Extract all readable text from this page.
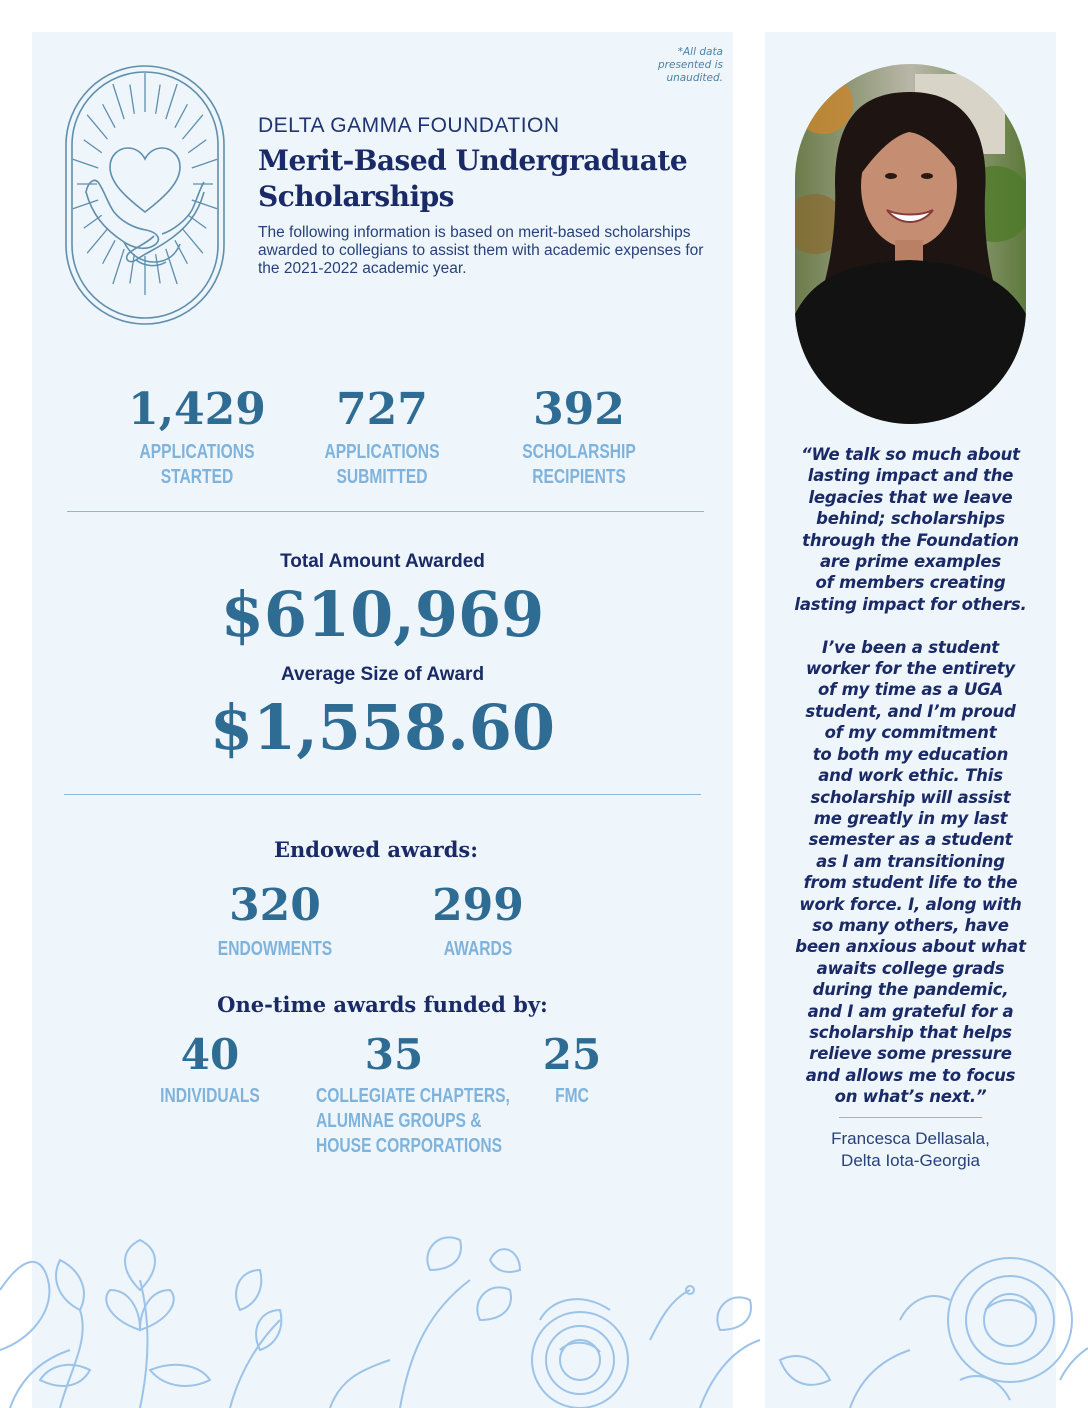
*All data
presented is
unaudited.
DELTA GAMMA FOUNDATION
Merit-Based Undergraduate
Scholarships
The following information is based on merit-based scholarships awarded to collegians to assist them with academic expenses for the 2021-2022 academic year.
1,429
APPLICATIONS
STARTED
727
APPLICATIONS
SUBMITTED
392
SCHOLARSHIP
RECIPIENTS
Total Amount Awarded
$610,969
Average Size of Award
$1,558.60
Endowed awards:
320
ENDOWMENTS
299
AWARDS
One-time awards funded by:
40
INDIVIDUALS
35
COLLEGIATE CHAPTERS,
ALUMNAE GROUPS &
HOUSE CORPORATIONS
25
FMC
“We talk so much about
lasting impact and the
legacies that we leave
behind; scholarships
through the Foundation
are prime examples
of members creating
lasting impact for others.

I’ve been a student
worker for the entirety
of my time as a UGA
student, and I’m proud
of my commitment
to both my education
and work ethic. This
scholarship will assist
me greatly in my last
semester as a student
as I am transitioning
from student life to the
work force. I, along with
so many others, have
been anxious about what
awaits college grads
during the pandemic,
and I am grateful for a
scholarship that helps
relieve some pressure
and allows me to focus
on what’s next.”
Francesca Dellasala,
Delta Iota-Georgia
